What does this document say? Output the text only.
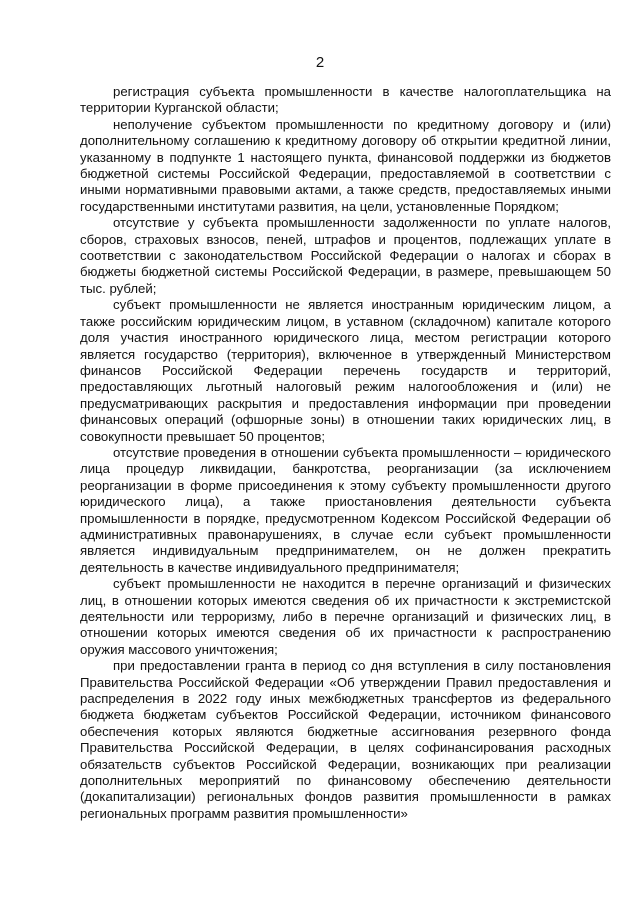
2

регистрация субъекта промышленности в качестве налогоплательщика на территории Курганской области;

неполучение субъектом промышленности по кредитному договору и (или) дополнительному соглашению к кредитному договору об открытии кредитной линии, указанному в подпункте 1 настоящего пункта, финансовой поддержки из бюджетов бюджетной системы Российской Федерации, предоставляемой в соответствии с иными нормативными правовыми актами, а также средств, предоставляемых иными государственными институтами развития, на цели, установленные Порядком;

отсутствие у субъекта промышленности задолженности по уплате налогов, сборов, страховых взносов, пеней, штрафов и процентов, подлежащих уплате в соответствии с законодательством Российской Федерации о налогах и сборах в бюджеты бюджетной системы Российской Федерации, в размере, превышающем 50 тыс. рублей;

субъект промышленности не является иностранным юридическим лицом, а также российским юридическим лицом, в уставном (складочном) капитале которого доля участия иностранного юридического лица, местом регистрации которого является государство (территория), включенное в утвержденный Министерством финансов Российской Федерации перечень государств и территорий, предоставляющих льготный налоговый режим налогообложения и (или) не предусматривающих раскрытия и предоставления информации при проведении финансовых операций (офшорные зоны) в отношении таких юридических лиц, в совокупности превышает 50 процентов;

отсутствие проведения в отношении субъекта промышленности – юридического лица процедур ликвидации, банкротства, реорганизации (за исключением реорганизации в форме присоединения к этому субъекту промышленности другого юридического лица), а также приостановления деятельности субъекта промышленности в порядке, предусмотренном Кодексом Российской Федерации об административных правонарушениях, в случае если субъект промышленности является индивидуальным предпринимателем, он не должен прекратить деятельность в качестве индивидуального предпринимателя;

субъект промышленности не находится в перечне организаций и физических лиц, в отношении которых имеются сведения об их причастности к экстремистской деятельности или терроризму, либо в перечне организаций и физических лиц, в отношении которых имеются сведения об их причастности к распространению оружия массового уничтожения;

при предоставлении гранта в период со дня вступления в силу постановления Правительства Российской Федерации «Об утверждении Правил предоставления и распределения в 2022 году иных межбюджетных трансфертов из федерального бюджета бюджетам субъектов Российской Федерации, источником финансового обеспечения которых являются бюджетные ассигнования резервного фонда Правительства Российской Федерации, в целях софинансирования расходных обязательств субъектов Российской Федерации, возникающих при реализации дополнительных мероприятий по финансовому обеспечению деятельности (докапитализации) региональных фондов развития промышленности в рамках региональных программ развития промышленности»
